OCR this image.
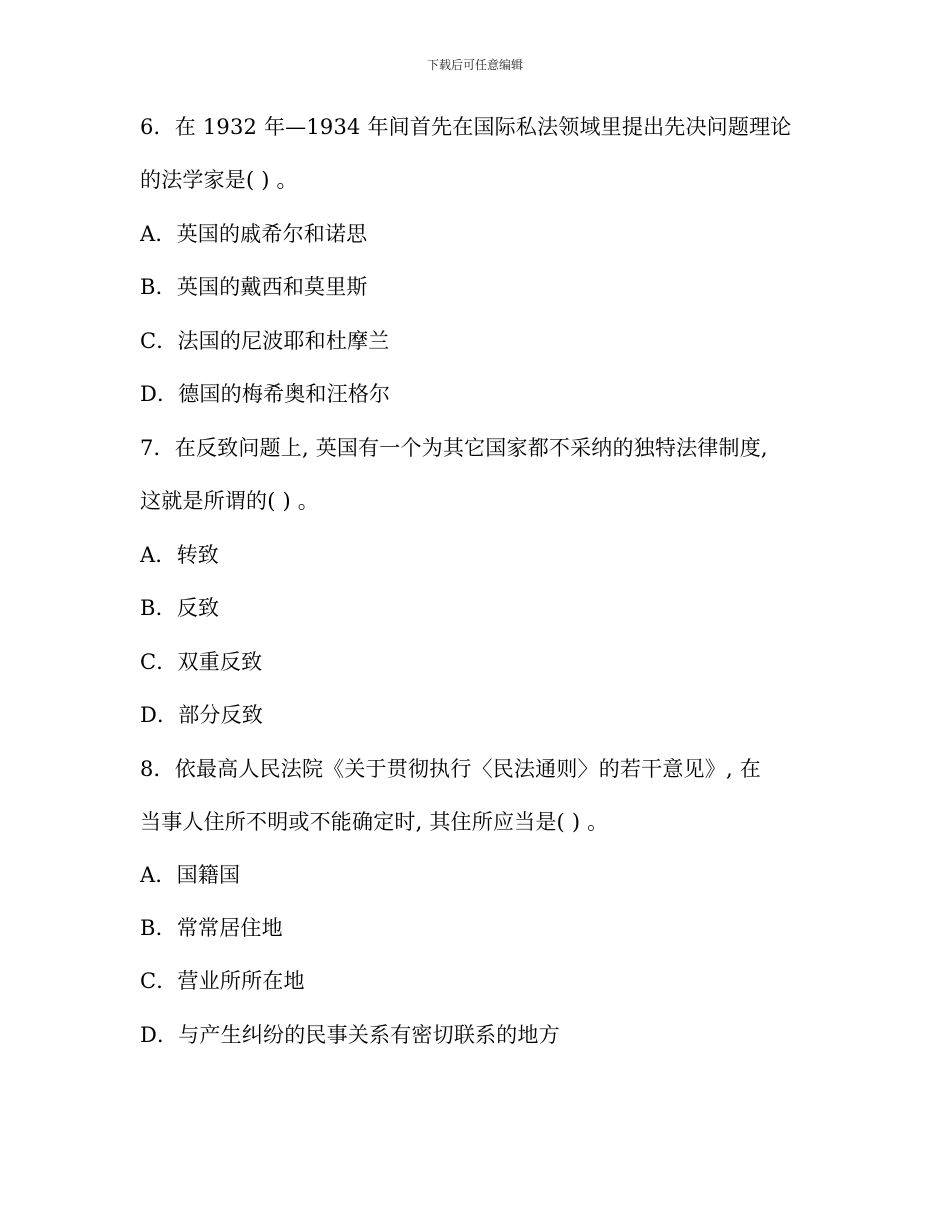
下载后可任意编辑
6．在 1932 年—1934 年间首先在国际私法领域里提出先决问题理论
的法学家是( ) 。
A．英国的戚希尔和诺思
B．英国的戴西和莫里斯
C．法国的尼波耶和杜摩兰
D．德国的梅希奥和汪格尔
7．在反致问题上, 英国有一个为其它国家都不采纳的独特法律制度,
这就是所谓的( ) 。
A．转致
B．反致
C．双重反致
D．部分反致
8．依最高人民法院《关于贯彻执行〈民法通则〉的若干意见》, 在
当事人住所不明或不能确定时, 其住所应当是( ) 。
A．国籍国
B．常常居住地
C．营业所所在地
D．与产生纠纷的民事关系有密切联系的地方
